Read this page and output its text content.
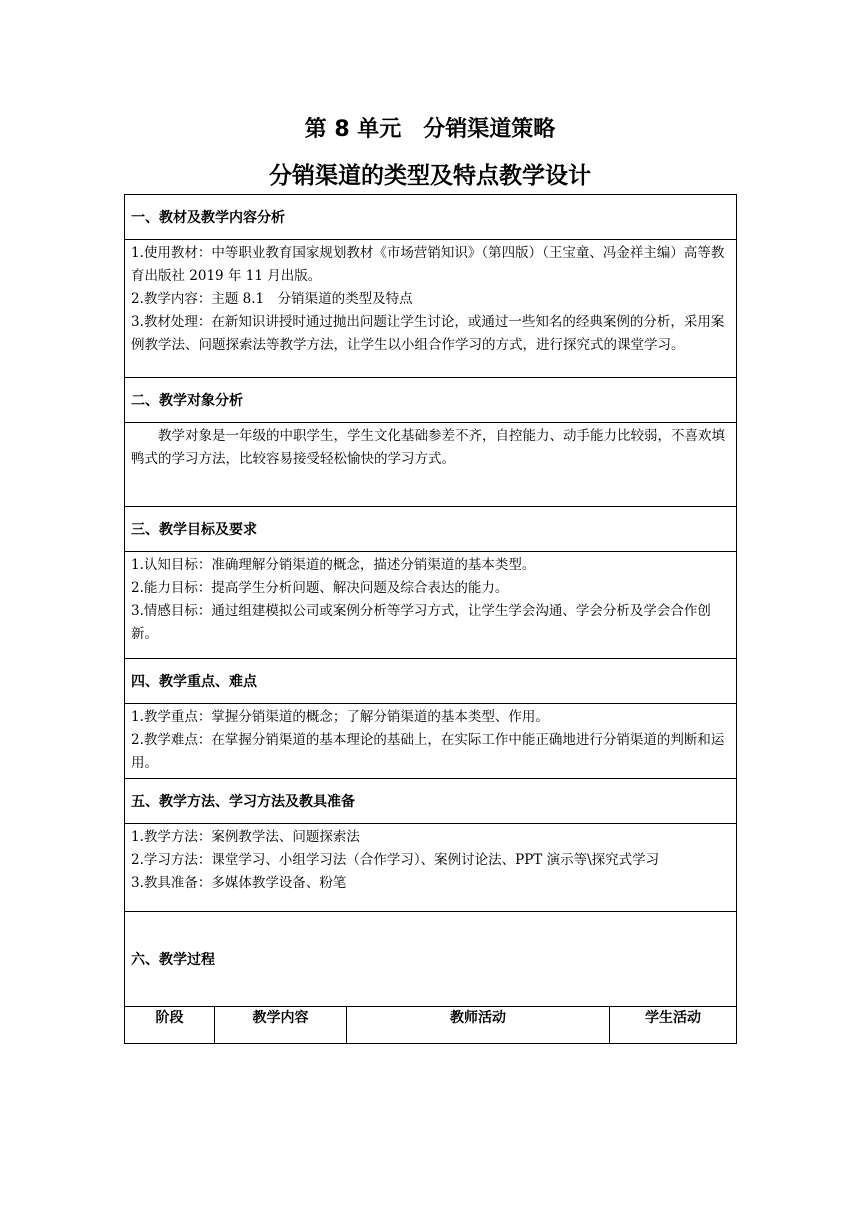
第 8 单元　分销渠道策略
分销渠道的类型及特点教学设计
一、教材及教学内容分析

1.使用教材：中等职业教育国家规划教材《市场营销知识》（第四版）（王宝童、冯金祥主编）高等教育出版社 2019 年 11 月出版。

2.教学内容：主题 8.1　分销渠道的类型及特点

3.教材处理：在新知识讲授时通过抛出问题让学生讨论，或通过一些知名的经典案例的分析，采用案例教学法、问题探索法等教学方法，让学生以小组合作学习的方式，进行探究式的课堂学习。

二、教学对象分析

教学对象是一年级的中职学生，学生文化基础参差不齐，自控能力、动手能力比较弱，不喜欢填鸭式的学习方法，比较容易接受轻松愉快的学习方式。

三、教学目标及要求

1.认知目标：准确理解分销渠道的概念，描述分销渠道的基本类型。

2.能力目标：提高学生分析问题、解决问题及综合表达的能力。

3.情感目标：通过组建模拟公司或案例分析等学习方式，让学生学会沟通、学会分析及学会合作创新。

四、教学重点、难点

1.教学重点：掌握分销渠道的概念；了解分销渠道的基本类型、作用。

2.教学难点：在掌握分销渠道的基本理论的基础上，在实际工作中能正确地进行分销渠道的判断和运用。

五、教学方法、学习方法及教具准备

1.教学方法：案例教学法、问题探索法

2.学习方法：课堂学习、小组学习法（合作学习）、案例讨论法、PPT 演示等\探究式学习

3.教具准备：多媒体教学设备、粉笔

六、教学过程
阶段	教学内容	教师活动	学生活动
